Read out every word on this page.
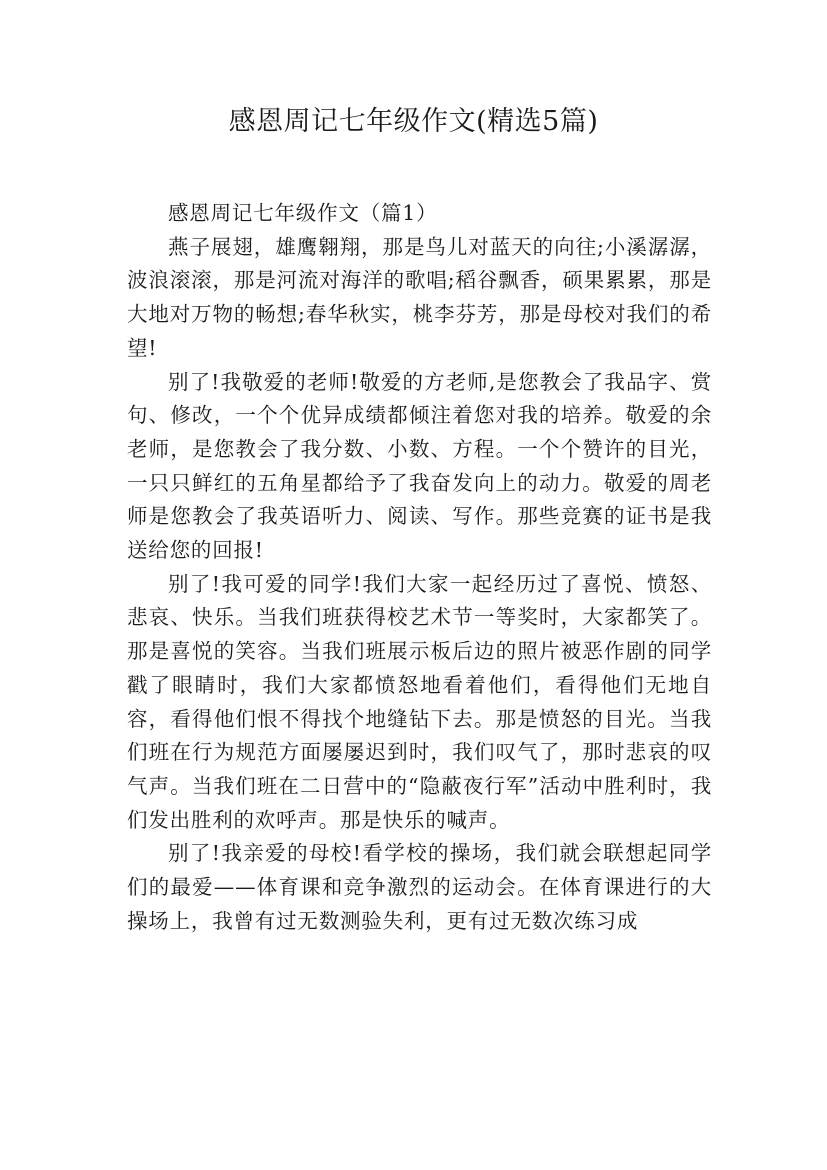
感恩周记七年级作文(精选5篇)

感恩周记七年级作文（篇1）

燕子展翅，雄鹰翱翔，那是鸟儿对蓝天的向往;小溪潺潺，波浪滚滚，那是河流对海洋的歌唱;稻谷飘香，硕果累累，那是大地对万物的畅想;春华秋实，桃李芬芳，那是母校对我们的希望!

别了!我敬爱的老师!敬爱的方老师,是您教会了我品字、赏句、修改，一个个优异成绩都倾注着您对我的培养。敬爱的余老师，是您教会了我分数、小数、方程。一个个赞许的目光，一只只鲜红的五角星都给予了我奋发向上的动力。敬爱的周老师是您教会了我英语听力、阅读、写作。那些竞赛的证书是我送给您的回报!

别了!我可爱的同学!我们大家一起经历过了喜悦、愤怒、悲哀、快乐。当我们班获得校艺术节一等奖时，大家都笑了。那是喜悦的笑容。当我们班展示板后边的照片被恶作剧的同学戳了眼睛时，我们大家都愤怒地看着他们，看得他们无地自容，看得他们恨不得找个地缝钻下去。那是愤怒的目光。当我们班在行为规范方面屡屡迟到时，我们叹气了，那时悲哀的叹气声。当我们班在二日营中的“隐蔽夜行军”活动中胜利时，我们发出胜利的欢呼声。那是快乐的喊声。

别了!我亲爱的母校!看学校的操场，我们就会联想起同学们的最爱——体育课和竞争激烈的运动会。在体育课进行的大操场上，我曾有过无数测验失利，更有过无数次练习成
